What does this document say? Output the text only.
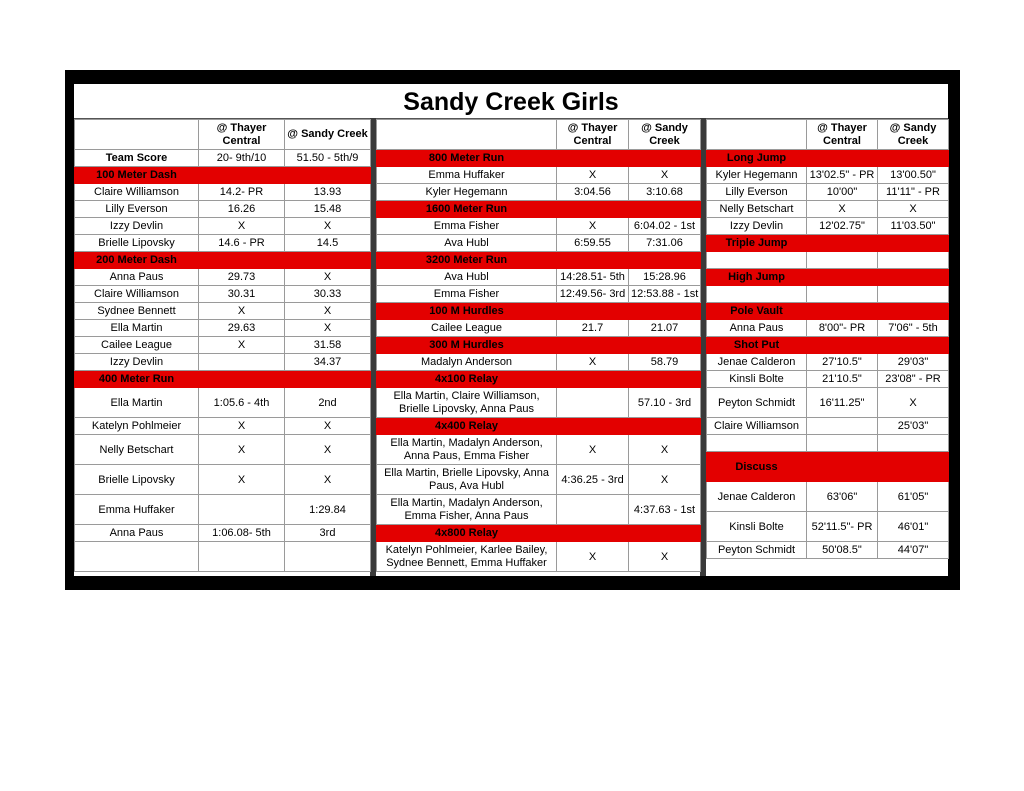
Sandy Creek Girls
	@ Thayer Central	@ Sandy Creek
Team Score	20- 9th/10	51.50 - 5th/9
100 Meter Dash		
Claire Williamson	14.2- PR	13.93
Lilly Everson	16.26	15.48
Izzy Devlin	X	X
Brielle Lipovsky	14.6 - PR	14.5
200 Meter Dash		
Anna Paus	29.73	X
Claire Williamson	30.31	30.33
Sydnee Bennett	X	X
Ella Martin	29.63	X
Cailee League	X	31.58
Izzy Devlin		34.37
400 Meter Run		
Ella Martin	1:05.6 - 4th	2nd
Katelyn Pohlmeier	X	X
Nelly Betschart	X	X
Brielle Lipovsky	X	X
Emma Huffaker		1:29.84
Anna Paus	1:06.08- 5th	3rd

	@ Thayer Central	@ Sandy Creek
800 Meter Run		
Emma Huffaker	X	X
Kyler Hegemann	3:04.56	3:10.68
1600 Meter Run		
Emma Fisher	X	6:04.02 - 1st
Ava Hubl	6:59.55	7:31.06
3200 Meter Run		
Ava Hubl	14:28.51- 5th	15:28.96
Emma Fisher	12:49.56- 3rd	12:53.88 - 1st
100 M Hurdles		
Cailee League	21.7	21.07
300 M Hurdles		
Madalyn Anderson	X	58.79
4x100 Relay		
Ella Martin, Claire Williamson, Brielle Lipovsky, Anna Paus		57.10 - 3rd
4x400 Relay		
Ella Martin, Madalyn Anderson, Anna Paus, Emma Fisher	X	X
Ella Martin, Brielle Lipovsky, Anna Paus, Ava Hubl	4:36.25 - 3rd	X
Ella Martin, Madalyn Anderson, Emma Fisher, Anna Paus		4:37.63 - 1st
4x800 Relay		
Katelyn Pohlmeier, Karlee Bailey, Sydnee Bennett, Emma Huffaker	X	X
	@ Thayer Central	@ Sandy Creek
Long Jump		
Kyler Hegemann	13'02.5" - PR	13'00.50"
Lilly Everson	10'00"	11'11" - PR
Nelly Betschart	X	X
Izzy Devlin	12'02.75"	11'03.50"
Triple Jump		

High Jump		

Pole Vault		
Anna Paus	8'00"- PR	7'06" - 5th
Shot Put		
Jenae Calderon	27'10.5"	29'03"
Kinsli Bolte	21'10.5"	23'08" - PR
Peyton Schmidt	16'11.25"	X
Claire Williamson		25'03"

Discuss		
Jenae Calderon	63'06"	61'05"
Kinsli Bolte	52'11.5"- PR	46'01"
Peyton Schmidt	50'08.5"	44'07"
